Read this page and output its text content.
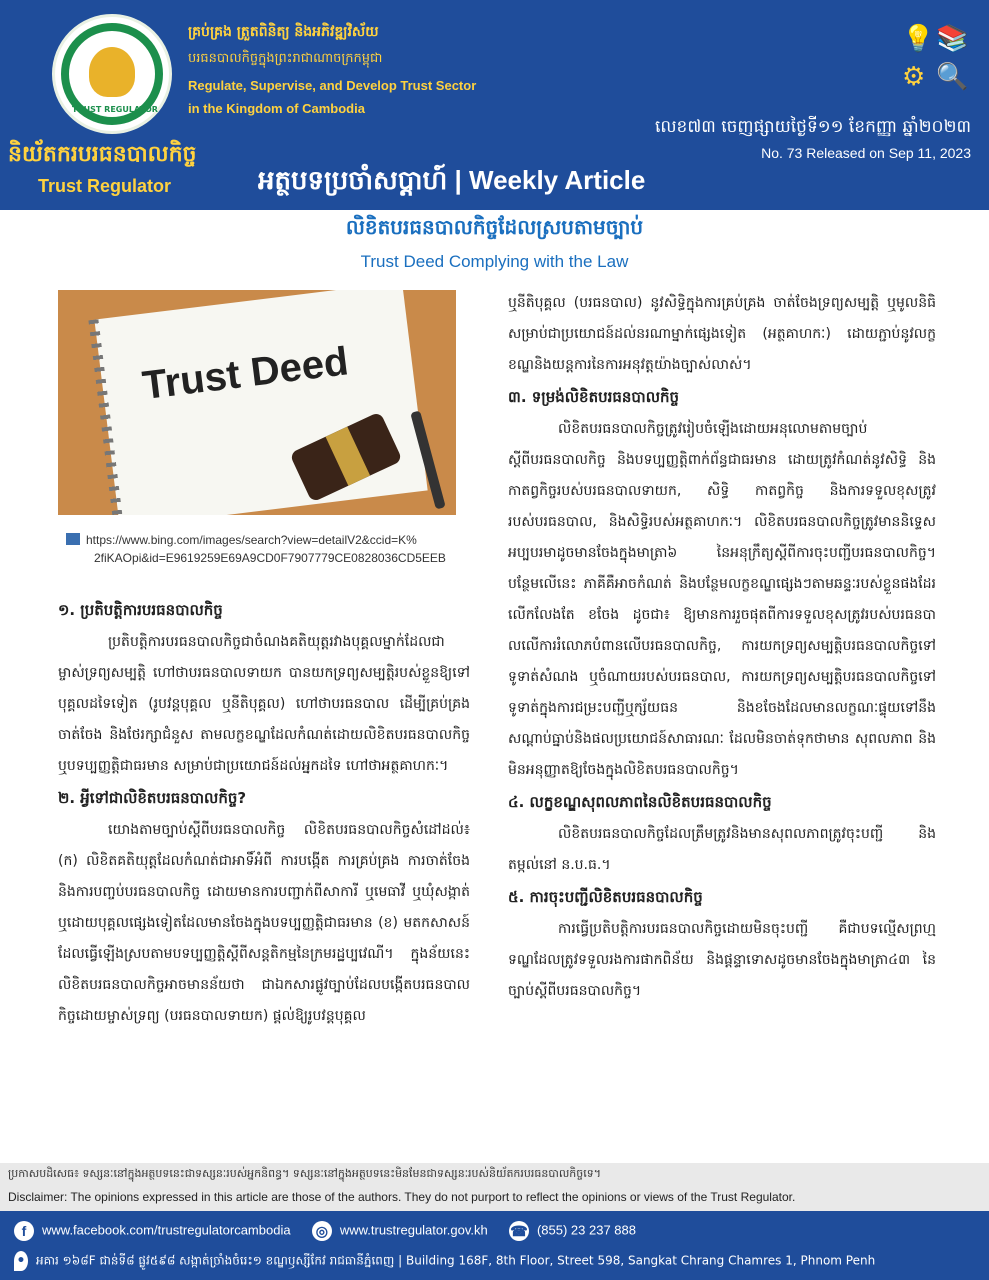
TRUST REGULATOR
គ្រប់គ្រង ត្រួតពិនិត្យ និងអភិវឌ្ឍវិស័យ
បរធនបាលកិច្ចក្នុងព្រះរាជាណាចក្រកម្ពុជា
Regulate, Supervise, and Develop Trust Sector
in the Kingdom of Cambodia
និយ័តករបរធនបាលកិច្ច
Trust Regulator	អត្ថបទប្រចាំសប្តាហ៍ | Weekly Article
លេខ៧៣ ចេញផ្សាយថ្ងៃទី១១ ខែកញ្ញា ឆ្នាំ២០២៣
No. 73 Released on Sep 11, 2023
💡 📚
⚙ 🔍
លិខិតបរធនបាលកិច្ចដែលស្របតាមច្បាប់
Trust Deed Complying with the Law
Trust Deed
https://www.bing.com/images/search?view=detailV2&ccid=K%
2fiKAOpi&id=E9619259E69A9CD0F7907779CE0828036CD5EEB
១. ប្រតិបត្តិការបរធនបាលកិច្ច

ប្រតិបត្តិការបរធនបាលកិច្ចជាចំណងគតិយុត្តរវាងបុគ្គលម្នាក់ដែលជាម្ចាស់ទ្រព្យសម្បត្តិ ហៅថាបរធនបាលទាយក បានយកទ្រព្យសម្បត្តិរបស់ខ្លួនឱ្យទៅបុគ្គលដទៃទៀត (រូបវន្តបុគ្គល ឬនីតិបុគ្គល) ហៅថាបរធនបាល ដើម្បីគ្រប់គ្រង ចាត់ចែង និងថែរក្សាជំនួស តាមលក្ខខណ្ឌដែលកំណត់ដោយលិខិតបរធនបាលកិច្ច ឬបទប្បញ្ញត្តិជាធរមាន សម្រាប់ជាប្រយោជន៍ដល់អ្នកដទៃ ហៅថាអត្ថគាហកៈ។

២. អ្វីទៅជាលិខិតបរធនបាលកិច្ច?

យោងតាមច្បាប់ស្តីពីបរធនបាលកិច្ច លិខិតបរធនបាលកិច្ចសំដៅដល់៖ (ក) លិខិតគតិយុត្តដែលកំណត់ជាអាទិ៍អំពី ការបង្កើត ការគ្រប់គ្រង ការចាត់ចែង និងការបញ្ចប់បរធនបាលកិច្ច ដោយមានការបញ្ជាក់ពីសាការី ឬមេធាវី ឬឃុំសង្កាត់ ឬដោយបុគ្គលផ្សេងទៀតដែលមានចែងក្នុងបទប្បញ្ញត្តិជាធរមាន (ខ) មតកសាសន៍ដែលធ្វើឡើងស្របតាមបទប្បញ្ញត្តិស្តីពីសន្តតិកម្មនៃក្រមរដ្ឋប្បវេណី។ ក្នុងន័យនេះ លិខិតបរធនបាលកិច្ចអាចមានន័យថា ជាឯកសារផ្លូវច្បាប់ដែលបង្កើតបរធនបាលកិច្ចដោយម្ចាស់ទ្រព្យ (បរធនបាលទាយក) ផ្តល់ឱ្យរូបវន្តបុគ្គល

ឬនីតិបុគ្គល (បរធនបាល) នូវសិទ្ធិក្នុងការគ្រប់គ្រង ចាត់ចែងទ្រព្យសម្បត្តិ ឬមូលនិធិ សម្រាប់ជាប្រយោជន៍ដល់នរណាម្នាក់ផ្សេងទៀត (អត្ថគាហកៈ) ដោយភ្ជាប់នូវលក្ខខណ្ឌនិងយន្តការនៃការអនុវត្តយ៉ាងច្បាស់លាស់។

៣. ទម្រង់លិខិតបរធនបាលកិច្ច

លិខិតបរធនបាលកិច្ចត្រូវរៀបចំឡើងដោយអនុលោមតាមច្បាប់ស្តីពីបរធនបាលកិច្ច និងបទប្បញ្ញត្តិពាក់ព័ន្ធជាធរមាន ដោយត្រូវកំណត់នូវសិទ្ធិ និងកាតព្វកិច្ចរបស់បរធនបាលទាយក, សិទ្ធិ កាតព្វកិច្ច និងការទទួលខុសត្រូវរបស់បរធនបាល, និងសិទ្ធិរបស់អត្ថគាហកៈ។ លិខិតបរធនបាលកិច្ចត្រូវមាននិទ្ទេសអប្បបរមាដូចមានចែងក្នុងមាត្រា៦ នៃអនុក្រឹត្យស្តីពីការចុះបញ្ជីបរធនបាលកិច្ច។ បន្ថែមលើនេះ ភាគីគឺអាចកំណត់ និងបន្ថែមលក្ខខណ្ឌផ្សេងៗតាមឆន្ទៈរបស់ខ្លួនផងដែរ លើកលែងតែ ខចែង ដូចជា៖ ឱ្យមានការរួចផុតពីការទទួលខុសត្រូវរបស់បរធនបាលលើការរំលោភបំពានលើបរធនបាលកិច្ច, ការយកទ្រព្យសម្បត្តិបរធនបាលកិច្ចទៅទូទាត់សំណង ឬចំណាយរបស់បរធនបាល, ការយកទ្រព្យសម្បត្តិបរធនបាលកិច្ចទៅទូទាត់ក្នុងការជម្រះបញ្ជីឬក្ស័យធន និងខចែងដែលមានលក្ខណៈផ្ទុយទៅនឹងសណ្តាប់ធ្នាប់និងផលប្រយោជន៍សាធារណៈ ដែលមិនចាត់ទុកថាមាន សុពលភាព និងមិនអនុញ្ញាតឱ្យចែងក្នុងលិខិតបរធនបាលកិច្ច។

៤. លក្ខខណ្ឌសុពលភាពនៃលិខិតបរធនបាលកិច្ច

លិខិតបរធនបាលកិច្ចដែលត្រឹមត្រូវនិងមានសុពលភាពត្រូវចុះបញ្ជី និងតម្កល់នៅ ន.ប.ធ.។

៥. ការចុះបញ្ជីលិខិតបរធនបាលកិច្ច

ការធ្វើប្រតិបត្តិការបរធនបាលកិច្ចដោយមិនចុះបញ្ជី គឺជាបទល្មើសព្រហ្មទណ្ឌដែលត្រូវទទួលរងការផាកពិន័យ និងផ្តន្ទាទោសដូចមានចែងក្នុងមាត្រា៤៣ នៃច្បាប់ស្តីពីបរធនបាលកិច្ច។

ប្រកាសបដិសេធ៖ ទស្សនៈនៅក្នុងអត្ថបទនេះជាទស្សនៈរបស់អ្នកនិពន្ធ។ ទស្សនៈនៅក្នុងអត្ថបទនេះមិនមែនជាទស្សនៈរបស់និយ័តករបរធនបាលកិច្ចទេ។
Disclaimer: The opinions expressed in this article are those of the authors. They do not purport to reflect the opinions or views of the Trust Regulator.
f www.facebook.com/trustregulatorcambodia ◎ www.trustregulator.gov.kh ☎ (855) 23 237 888
• អគារ ១៦៨F ជាន់ទី៨ ផ្លូវ៥៩៨ សង្កាត់ច្រាំងចំរេះ១ ខណ្ឌឫស្សីកែវ រាជធានីភ្នំពេញ | Building 168F, 8th Floor, Street 598, Sangkat Chrang Chamres 1, Phnom Penh
